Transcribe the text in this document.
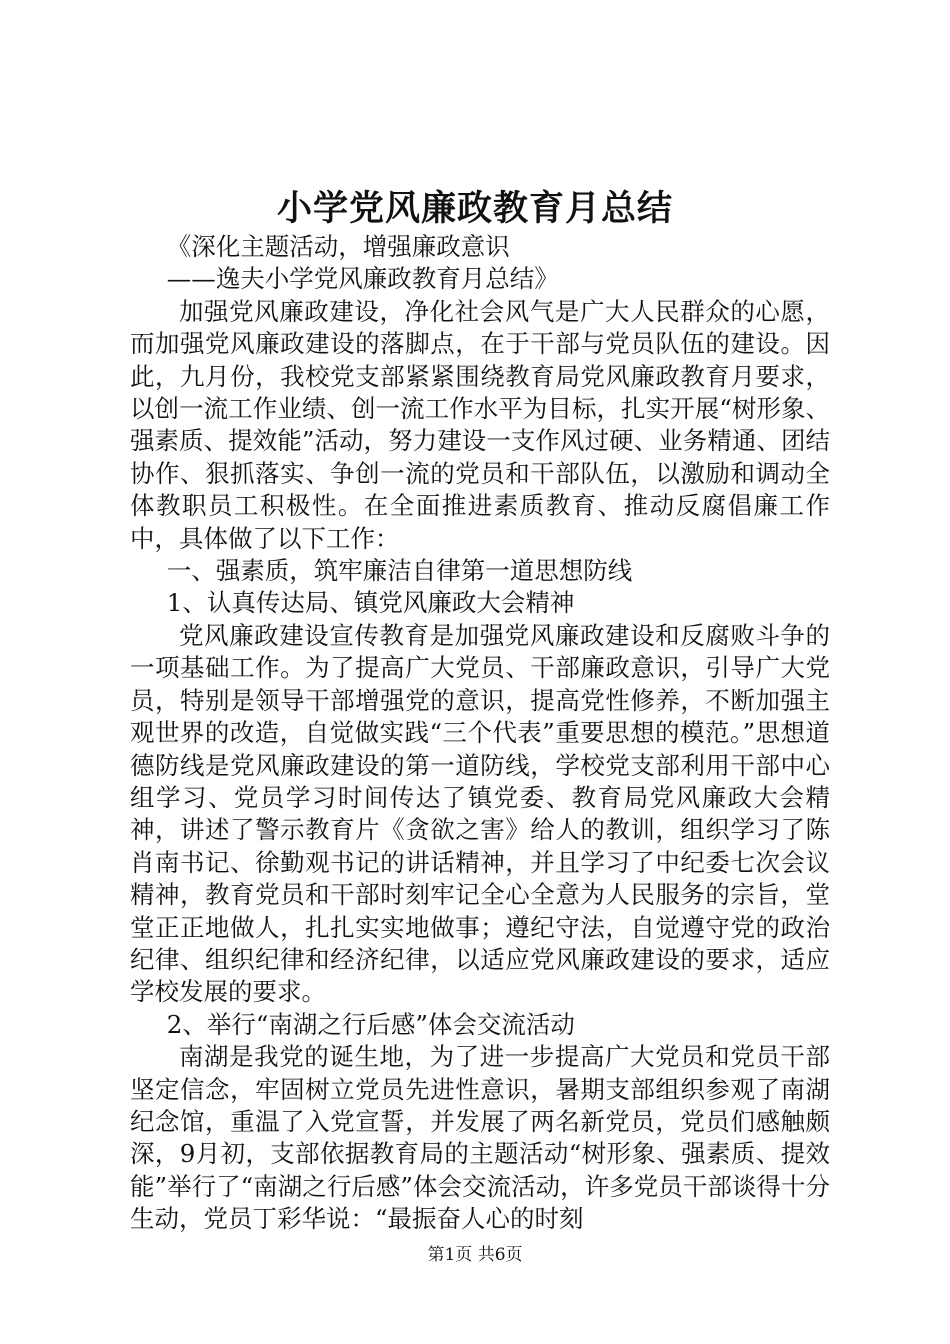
小学党风廉政教育月总结

《深化主题活动，增强廉政意识

——逸夫小学党风廉政教育月总结》

加强党风廉政建设，净化社会风气是广大人民群众的心愿，而加强党风廉政建设的落脚点，在于干部与党员队伍的建设。因此，九月份，我校党支部紧紧围绕教育局党风廉政教育月要求，以创一流工作业绩、创一流工作水平为目标，扎实开展“树形象、强素质、提效能”活动，努力建设一支作风过硬、业务精通、团结协作、狠抓落实、争创一流的党员和干部队伍，以激励和调动全体教职员工积极性。在全面推进素质教育、推动反腐倡廉工作中，具体做了以下工作：

一、强素质，筑牢廉洁自律第一道思想防线

1、认真传达局、镇党风廉政大会精神

党风廉政建设宣传教育是加强党风廉政建设和反腐败斗争的一项基础工作。为了提高广大党员、干部廉政意识，引导广大党员，特别是领导干部增强党的意识，提高党性修养，不断加强主观世界的改造，自觉做实践“三个代表”重要思想的模范。”思想道德防线是党风廉政建设的第一道防线，学校党支部利用干部中心组学习、党员学习时间传达了镇党委、教育局党风廉政大会精神，讲述了警示教育片《贪欲之害》给人的教训，组织学习了陈肖南书记、徐勤观书记的讲话精神，并且学习了中纪委七次会议精神，教育党员和干部时刻牢记全心全意为人民服务的宗旨，堂堂正正地做人，扎扎实实地做事；遵纪守法，自觉遵守党的政治纪律、组织纪律和经济纪律，以适应党风廉政建设的要求，适应学校发展的要求。

2、举行“南湖之行后感”体会交流活动

南湖是我党的诞生地，为了进一步提高广大党员和党员干部坚定信念，牢固树立党员先进性意识，暑期支部组织参观了南湖纪念馆，重温了入党宣誓，并发展了两名新党员，党员们感触颇深，9月初，支部依据教育局的主题活动“树形象、强素质、提效能”举行了“南湖之行后感”体会交流活动，许多党员干部谈得十分生动，党员丁彩华说：“最振奋人心的时刻

第1页 共6页
